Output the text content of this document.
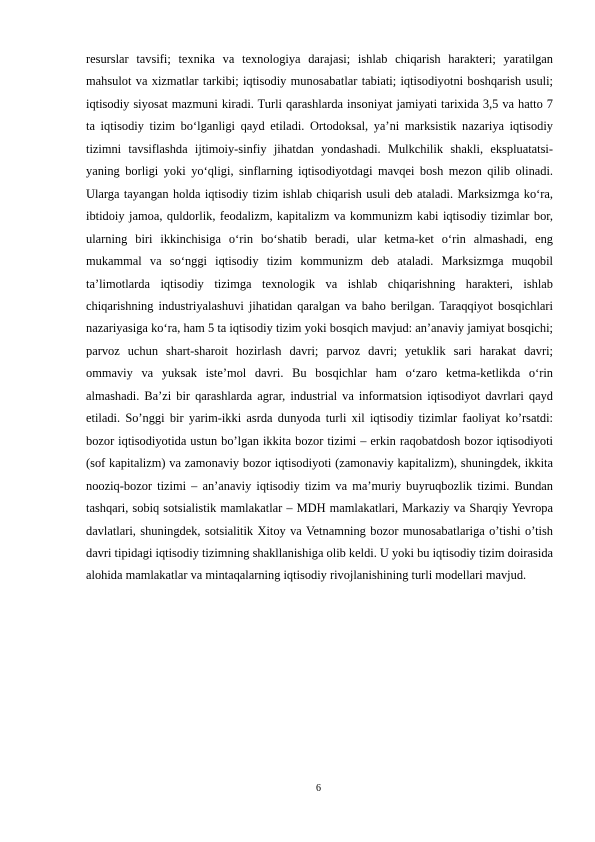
resurslar tavsifi; texnika va texnologiya darajasi; ishlab chiqarish harakteri; yaratilgan mahsulot va xizmatlar tarkibi; iqtisodiy munosabatlar tabiati; iqtisodiyotni boshqarish usuli; iqtisodiy siyosat mazmuni kiradi. Turli qarashlarda insoniyat jamiyati tarixida 3,5 va hatto 7 ta iqtisodiy tizim bo‘lganligi qayd etiladi. Ortodoksal, ya’ni marksistik nazariya iqtisodiy tizimni tavsiflashda ijtimoiy-sinfiy jihatdan yondashadi. Mulkchilik shakli, ekspluatatsi-yaning borligi yoki yo‘qligi, sinflarning iqtisodiyotdagi mavqei bosh mezon qilib olinadi. Ularga tayangan holda iqtisodiy tizim ishlab chiqarish usuli deb ataladi. Marksizmga ko‘ra, ibtidoiy jamoa, quldorlik, feodalizm, kapitalizm va kommunizm kabi iqtisodiy tizimlar bor, ularning biri ikkinchisiga o‘rin bo‘shatib beradi, ular ketma-ket o‘rin almashadi, eng mukammal va so‘nggi iqtisodiy tizim kommunizm deb ataladi. Marksizmga muqobil ta’limotlarda iqtisodiy tizimga texnologik va ishlab chiqarishning harakteri, ishlab chiqarishning industriyalashuvi jihatidan qaralgan va baho berilgan. Taraqqiyot bosqichlari nazariyasiga ko‘ra, ham 5 ta iqtisodiy tizim yoki bosqich mavjud: an’anaviy jamiyat bosqichi; parvoz uchun shart-sharoit hozirlash davri; parvoz davri; yetuklik sari harakat davri; ommaviy va yuksak iste’mol davri. Bu bosqichlar ham o‘zaro ketma-ketlikda o‘rin almashadi. Ba’zi bir qarashlarda agrar, industrial va informatsion iqtisodiyot davrlari qayd etiladi. So’nggi bir yarim-ikki asrda dunyoda turli xil iqtisodiy tizimlar faoliyat ko’rsatdi: bozor iqtisodiyotida ustun bo’lgan ikkita bozor tizimi – erkin raqobatdosh bozor iqtisodiyoti (sof kapitalizm) va zamonaviy bozor iqtisodiyoti (zamonaviy kapitalizm), shuningdek, ikkita nooziq-bozor tizimi – an’anaviy iqtisodiy tizim va ma’muriy buyruqbozlik tizimi. Bundan tashqari, sobiq sotsialistik mamlakatlar – MDH mamlakatlari, Markaziy va Sharqiy Yevropa davlatlari, shuningdek, sotsialitik Xitoy va Vetnamning bozor munosabatlariga o’tishi o’tish davri tipidagi iqtisodiy tizimning shakllanishiga olib keldi. U yoki bu iqtisodiy tizim doirasida alohida mamlakatlar va mintaqalarning iqtisodiy rivojlanishining turli modellari mavjud.

6
